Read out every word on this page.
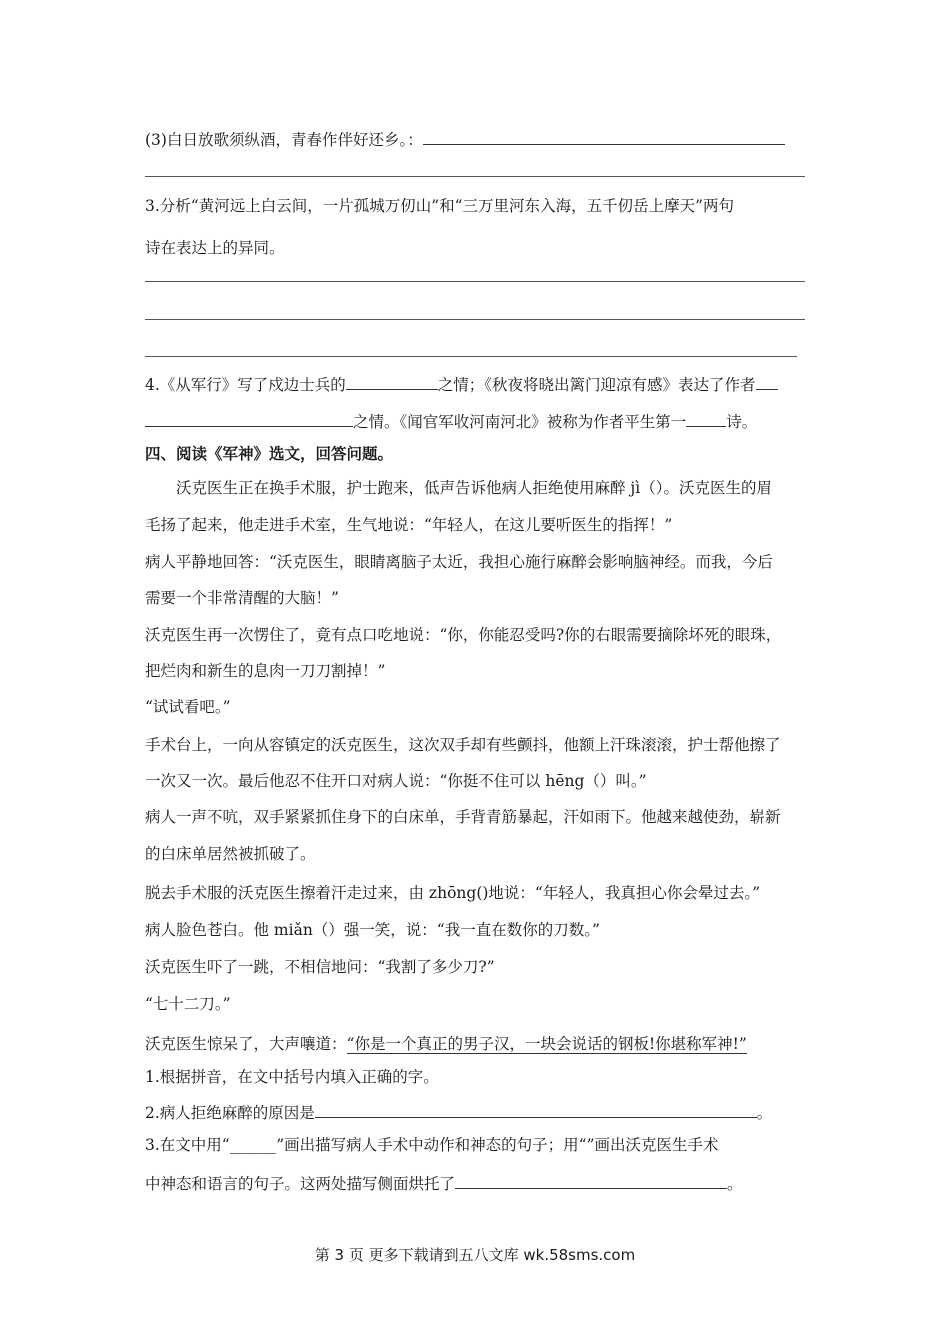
(3)白日放歌须纵酒，青春作伴好还乡。：
3.分析“黄河远上白云间，一片孤城万仞山”和“三万里河东入海，五千仞岳上摩天”两句
诗在表达上的异同。
4.《从军行》写了戍边士兵的	之情；《秋夜将晓出篱门迎凉有感》表达了作者
之情。《闻官军收河南河北》被称为作者平生第一	诗。
四、阅读《军神》选文，回答问题。
沃克医生正在换手术服，护士跑来，低声告诉他病人拒绝使用麻醉 jì（）。沃克医生的眉
毛扬了起来，他走进手术室，生气地说：“年轻人，在这儿要听医生的指挥！”
病人平静地回答：“沃克医生，眼睛离脑子太近，我担心施行麻醉会影响脑神经。而我，今后
需要一个非常清醒的大脑！”
沃克医生再一次愣住了，竟有点口吃地说：“你，你能忍受吗?你的右眼需要摘除坏死的眼珠，
把烂肉和新生的息肉一刀刀割掉！”
“试试看吧。”
手术台上，一向从容镇定的沃克医生，这次双手却有些颤抖，他额上汗珠滚滚，护士帮他擦了
一次又一次。最后他忍不住开口对病人说：“你挺不住可以 hēng（）叫。”
病人一声不吭，双手紧紧抓住身下的白床单，手背青筋暴起，汗如雨下。他越来越使劲，崭新
的白床单居然被抓破了。
脱去手术服的沃克医生擦着汗走过来，由 zhōng()地说：“年轻人，我真担心你会晕过去。”
病人脸色苍白。他 miǎn（）强一笑，说：“我一直在数你的刀数。”
沃克医生吓了一跳，不相信地问：“我割了多少刀?”
“七十二刀。”
沃克医生惊呆了，大声嚷道：“你是一个真正的男子汉，一块会说话的钢板!你堪称军神!”
1.根据拼音，在文中括号内填入正确的字。
2.病人拒绝麻醉的原因是	。
3.在文中用“______”画出描写病人手术中动作和神态的句子；用“”画出沃克医生手术
中神态和语言的句子。这两处描写侧面烘托了	。
第 3 页 更多下载请到五八文库 wk.58sms.com
